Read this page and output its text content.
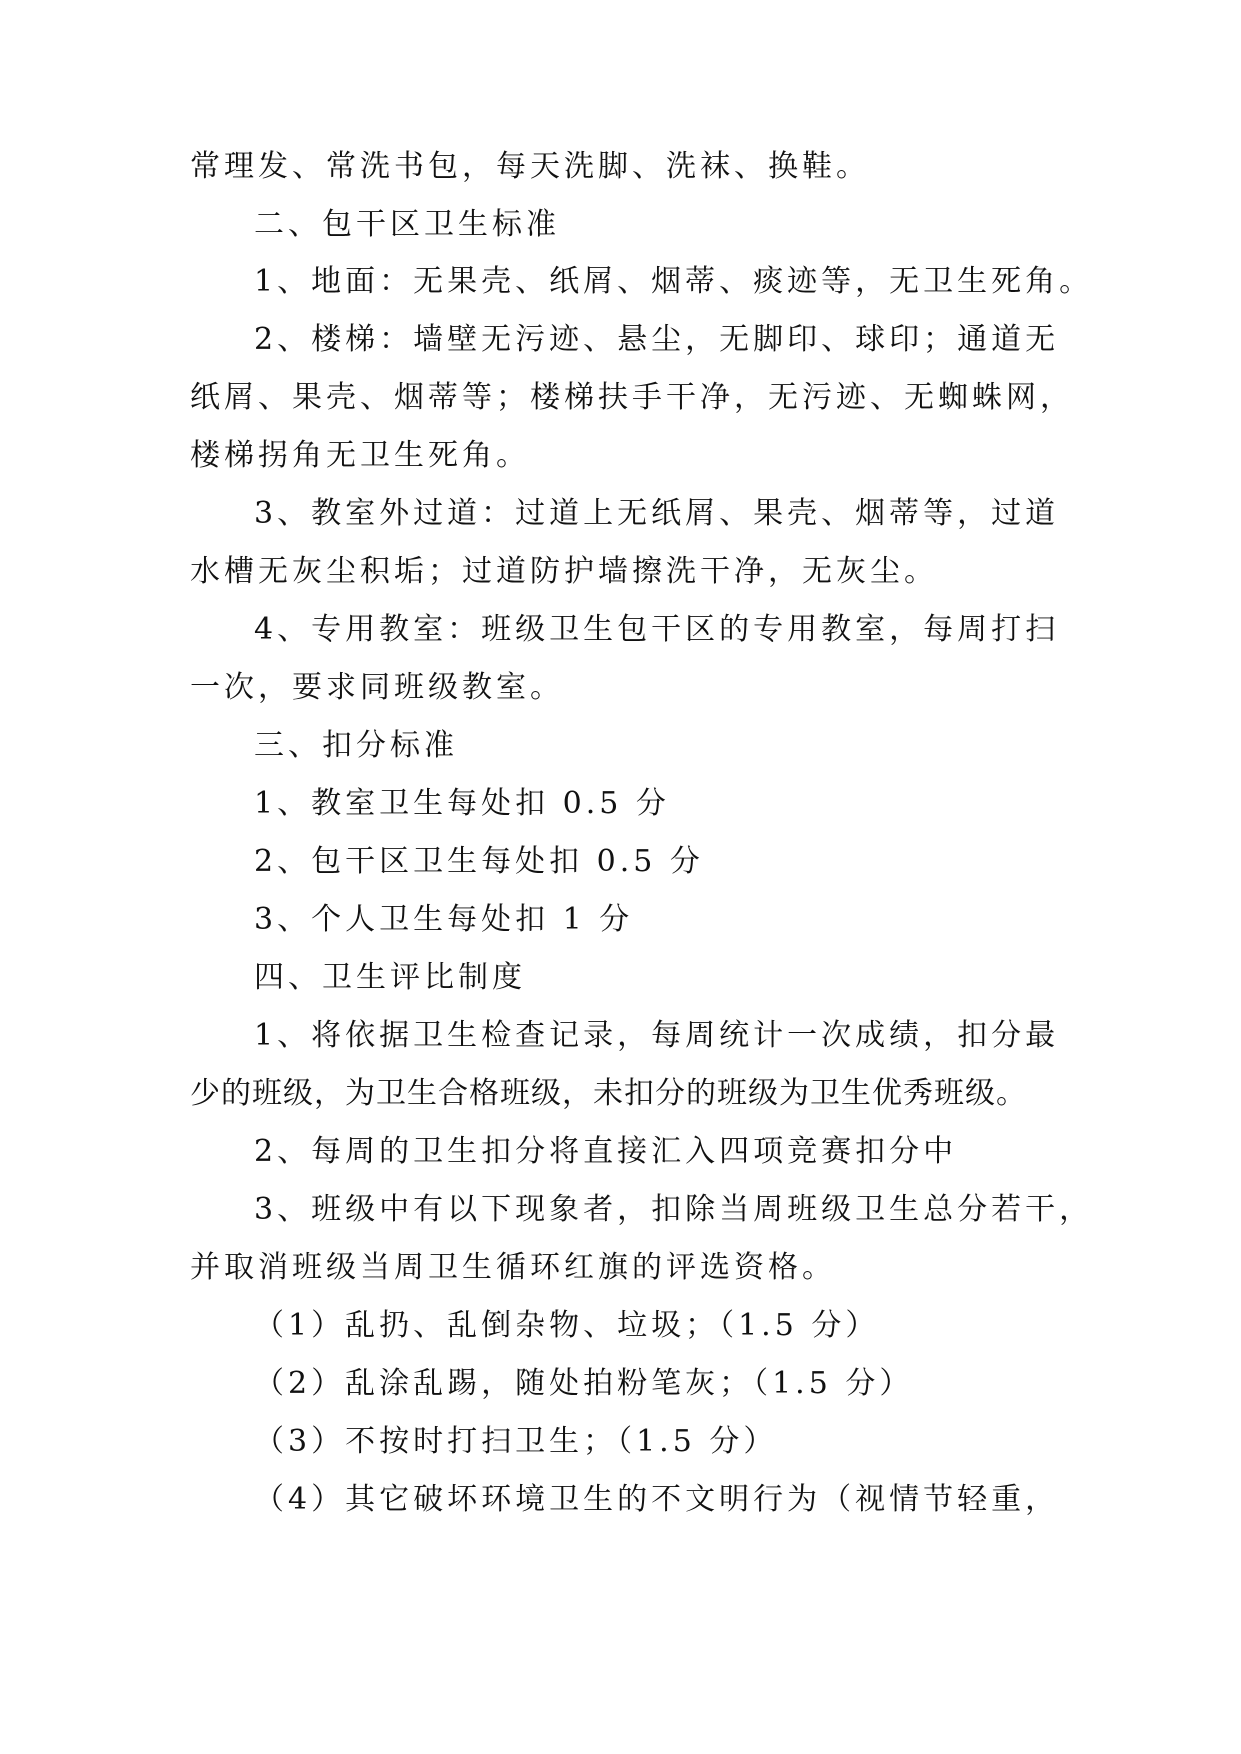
常理发、常洗书包，每天洗脚、洗袜、换鞋。
二、包干区卫生标准
1、地面：无果壳、纸屑、烟蒂、痰迹等，无卫生死角。
2、楼梯：墙壁无污迹、悬尘，无脚印、球印；通道无
纸屑、果壳、烟蒂等；楼梯扶手干净，无污迹、无蜘蛛网，
楼梯拐角无卫生死角。
3、教室外过道：过道上无纸屑、果壳、烟蒂等，过道
水槽无灰尘积垢；过道防护墙擦洗干净，无灰尘。
4、专用教室：班级卫生包干区的专用教室，每周打扫
一次，要求同班级教室。
三、扣分标准
1、教室卫生每处扣 0.5 分
2、包干区卫生每处扣 0.5 分
3、个人卫生每处扣 1 分
四、卫生评比制度
1、将依据卫生检查记录，每周统计一次成绩，扣分最
少的班级，为卫生合格班级，未扣分的班级为卫生优秀班级。
2、每周的卫生扣分将直接汇入四项竞赛扣分中
3、班级中有以下现象者，扣除当周班级卫生总分若干，
并取消班级当周卫生循环红旗的评选资格。
（1）乱扔、乱倒杂物、垃圾；（1.5 分）
（2）乱涂乱踢，随处拍粉笔灰；（1.5 分）
（3）不按时打扫卫生；（1.5 分）
（4）其它破坏环境卫生的不文明行为（视情节轻重，
